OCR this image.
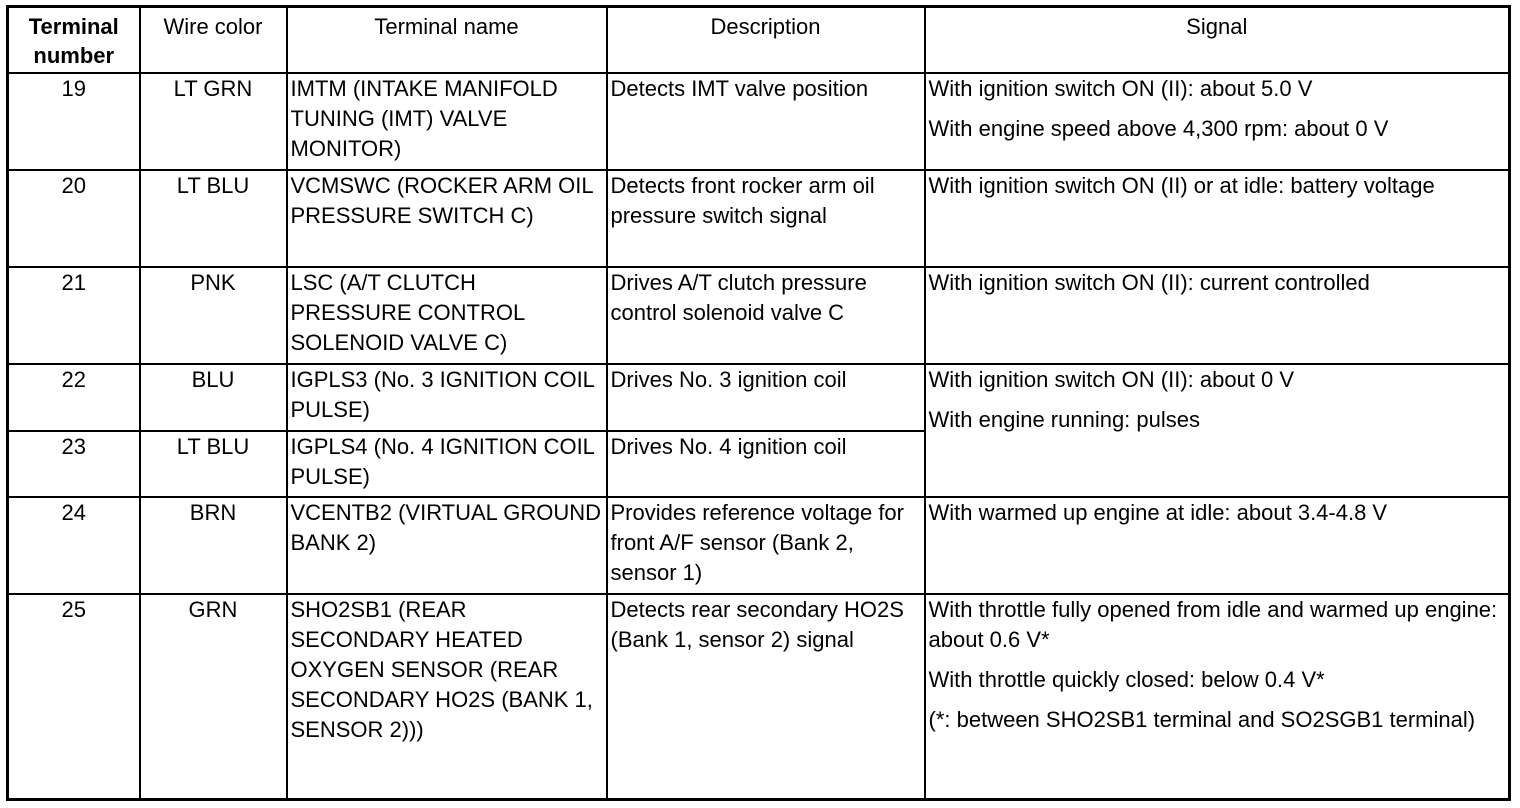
Terminal
number	Wire color	Terminal name	Description	Signal
19	LT GRN	IMTM (INTAKE MANIFOLD TUNING (IMT) VALVE MONITOR)	Detects IMT valve position	With ignition switch ON (II): about 5.0 V

With engine speed above 4,300 rpm: about 0 V

20	LT BLU	VCMSWC (ROCKER ARM OIL PRESSURE SWITCH C)	Detects front rocker arm oil pressure switch signal	With ignition switch ON (II) or at idle: battery voltage

21	PNK	LSC (A/T CLUTCH PRESSURE CONTROL SOLENOID VALVE C)	Drives A/T clutch pressure control solenoid valve C	With ignition switch ON (II): current controlled

22	BLU	IGPLS3 (No. 3 IGNITION COIL PULSE)	Drives No. 3 ignition coil	With ignition switch ON (II): about 0 V

With engine running: pulses

23	LT BLU	IGPLS4 (No. 4 IGNITION COIL PULSE)	Drives No. 4 ignition coil	
24	BRN	VCENTB2 (VIRTUAL GROUND BANK 2)	Provides reference voltage for front A/F sensor (Bank 2, sensor 1)	With warmed up engine at idle: about 3.4-4.8 V

25	GRN	SHO2SB1 (REAR SECONDARY HEATED OXYGEN SENSOR (REAR SECONDARY HO2S (BANK 1, SENSOR 2)))	Detects rear secondary HO2S (Bank 1, sensor 2) signal	With throttle fully opened from idle and warmed up engine: about 0.6 V*

With throttle quickly closed: below 0.4 V*

(*: between SHO2SB1 terminal and SO2SGB1 terminal)
